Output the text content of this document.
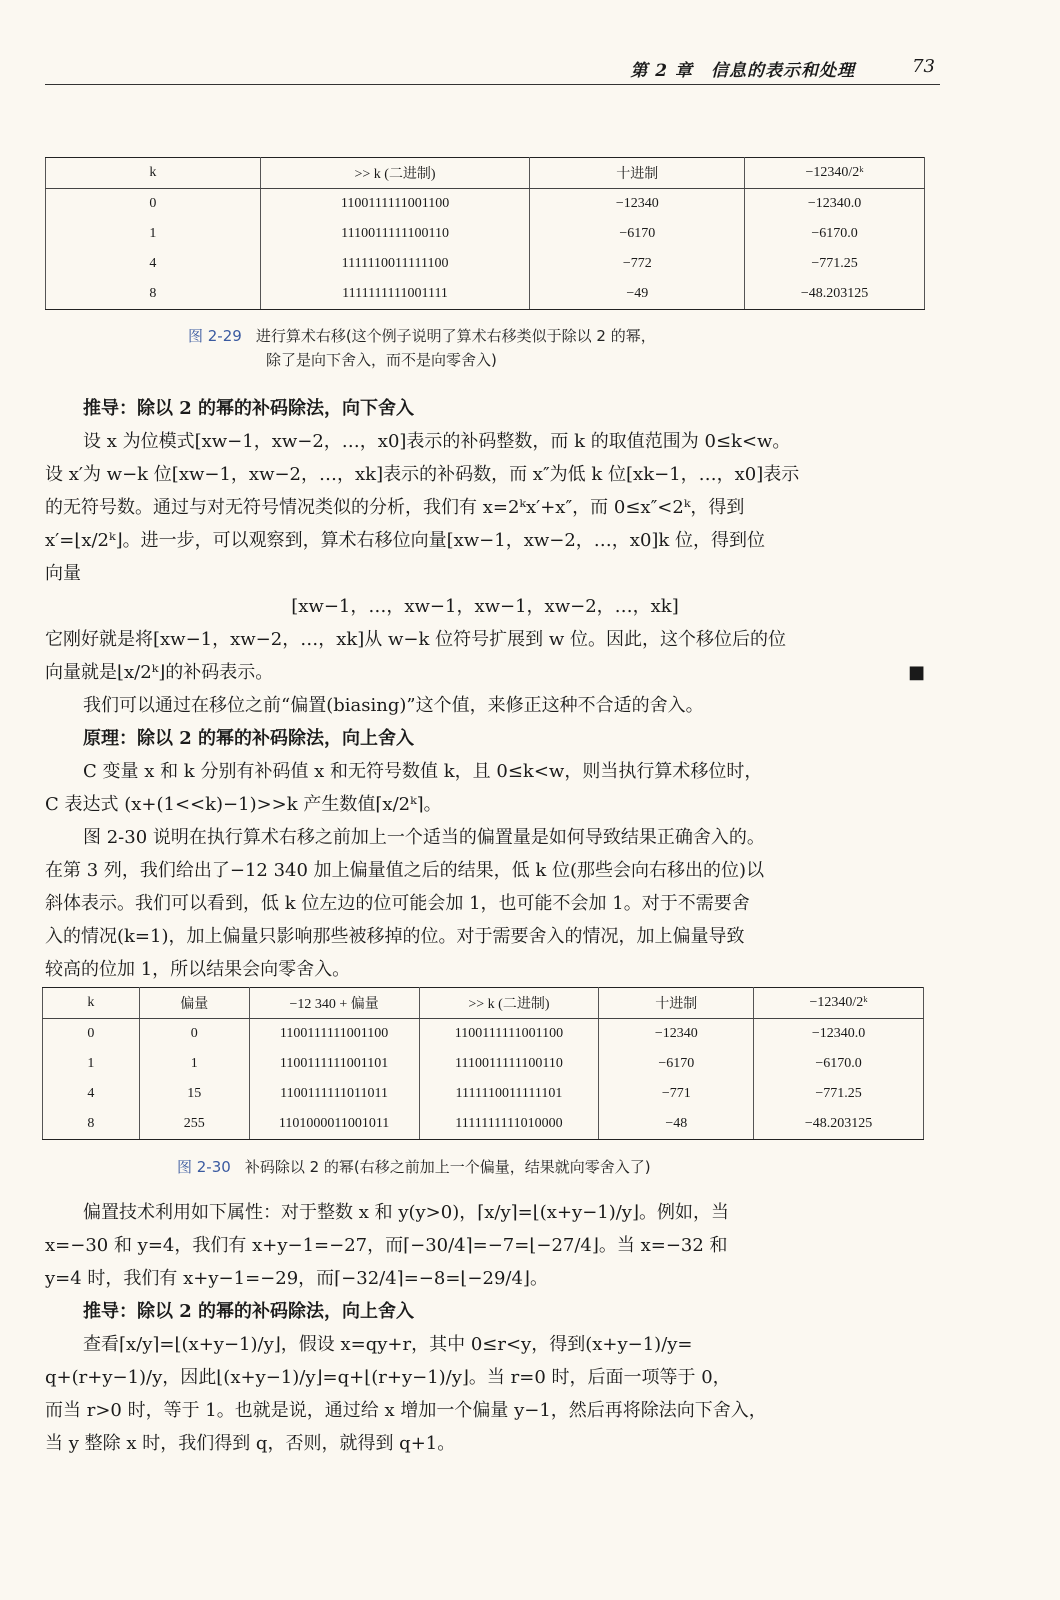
第 2 章　信息的表示和处理	73
k	>> k (二进制)	十进制	−12340/2ᵏ
0	1100111111001100	−12340	−12340.0
1	1110011111100110	−6170	−6170.0
4	1111110011111100	−772	−771.25
8	1111111111001111	−49	−48.203125
图 2-29 进行算术右移(这个例子说明了算术右移类似于除以 2 的幂，
除了是向下舍入，而不是向零舍入)

推导：除以 2 的幂的补码除法，向下舍入

设 x 为位模式[xw−1，xw−2，…，x0]表示的补码整数，而 k 的取值范围为 0≤k<w。

设 x′为 w−k 位[xw−1，xw−2，…，xk]表示的补码数，而 x″为低 k 位[xk−1，…，x0]表示

的无符号数。通过与对无符号情况类似的分析，我们有 x=2ᵏx′+x″，而 0≤x″<2ᵏ，得到

x′=⌊x/2ᵏ⌋。进一步，可以观察到，算术右移位向量[xw−1，xw−2，…，x0]k 位，得到位

向量

[xw−1，…，xw−1，xw−1，xw−2，…，xk]

它刚好就是将[xw−1，xw−2，…，xk]从 w−k 位符号扩展到 w 位。因此，这个移位后的位

向量就是⌊x/2ᵏ⌋的补码表示。	■

我们可以通过在移位之前“偏置(biasing)”这个值，来修正这种不合适的舍入。

原理：除以 2 的幂的补码除法，向上舍入

C 变量 x 和 k 分别有补码值 x 和无符号数值 k，且 0≤k<w，则当执行算术移位时，

C 表达式 (x+(1<<k)−1)>>k 产生数值⌈x/2ᵏ⌉。

图 2-30 说明在执行算术右移之前加上一个适当的偏置量是如何导致结果正确舍入的。

在第 3 列，我们给出了−12 340 加上偏量值之后的结果，低 k 位(那些会向右移出的位)以

斜体表示。我们可以看到，低 k 位左边的位可能会加 1，也可能不会加 1。对于不需要舍

入的情况(k=1)，加上偏量只影响那些被移掉的位。对于需要舍入的情况，加上偏量导致

较高的位加 1，所以结果会向零舍入。

k	偏量	−12 340 + 偏量	>> k (二进制)	十进制	−12340/2ᵏ
0	0	1100111111001100	1100111111001100	−12340	−12340.0
1	1	1100111111001101	1110011111100110	−6170	−6170.0
4	15	1100111111011011	1111110011111101	−771	−771.25
8	255	1101000011001011	1111111111010000	−48	−48.203125
图 2-30 补码除以 2 的幂(右移之前加上一个偏量，结果就向零舍入了)

偏置技术利用如下属性：对于整数 x 和 y(y>0)，⌈x/y⌉=⌊(x+y−1)/y⌋。例如，当

x=−30 和 y=4，我们有 x+y−1=−27，而⌈−30/4⌉=−7=⌊−27/4⌋。当 x=−32 和

y=4 时，我们有 x+y−1=−29，而⌈−32/4⌉=−8=⌊−29/4⌋。

推导：除以 2 的幂的补码除法，向上舍入

查看⌈x/y⌉=⌊(x+y−1)/y⌋，假设 x=qy+r，其中 0≤r<y，得到(x+y−1)/y=

q+(r+y−1)/y，因此⌊(x+y−1)/y⌋=q+⌊(r+y−1)/y⌋。当 r=0 时，后面一项等于 0，

而当 r>0 时，等于 1。也就是说，通过给 x 增加一个偏量 y−1，然后再将除法向下舍入，

当 y 整除 x 时，我们得到 q，否则，就得到 q+1。
